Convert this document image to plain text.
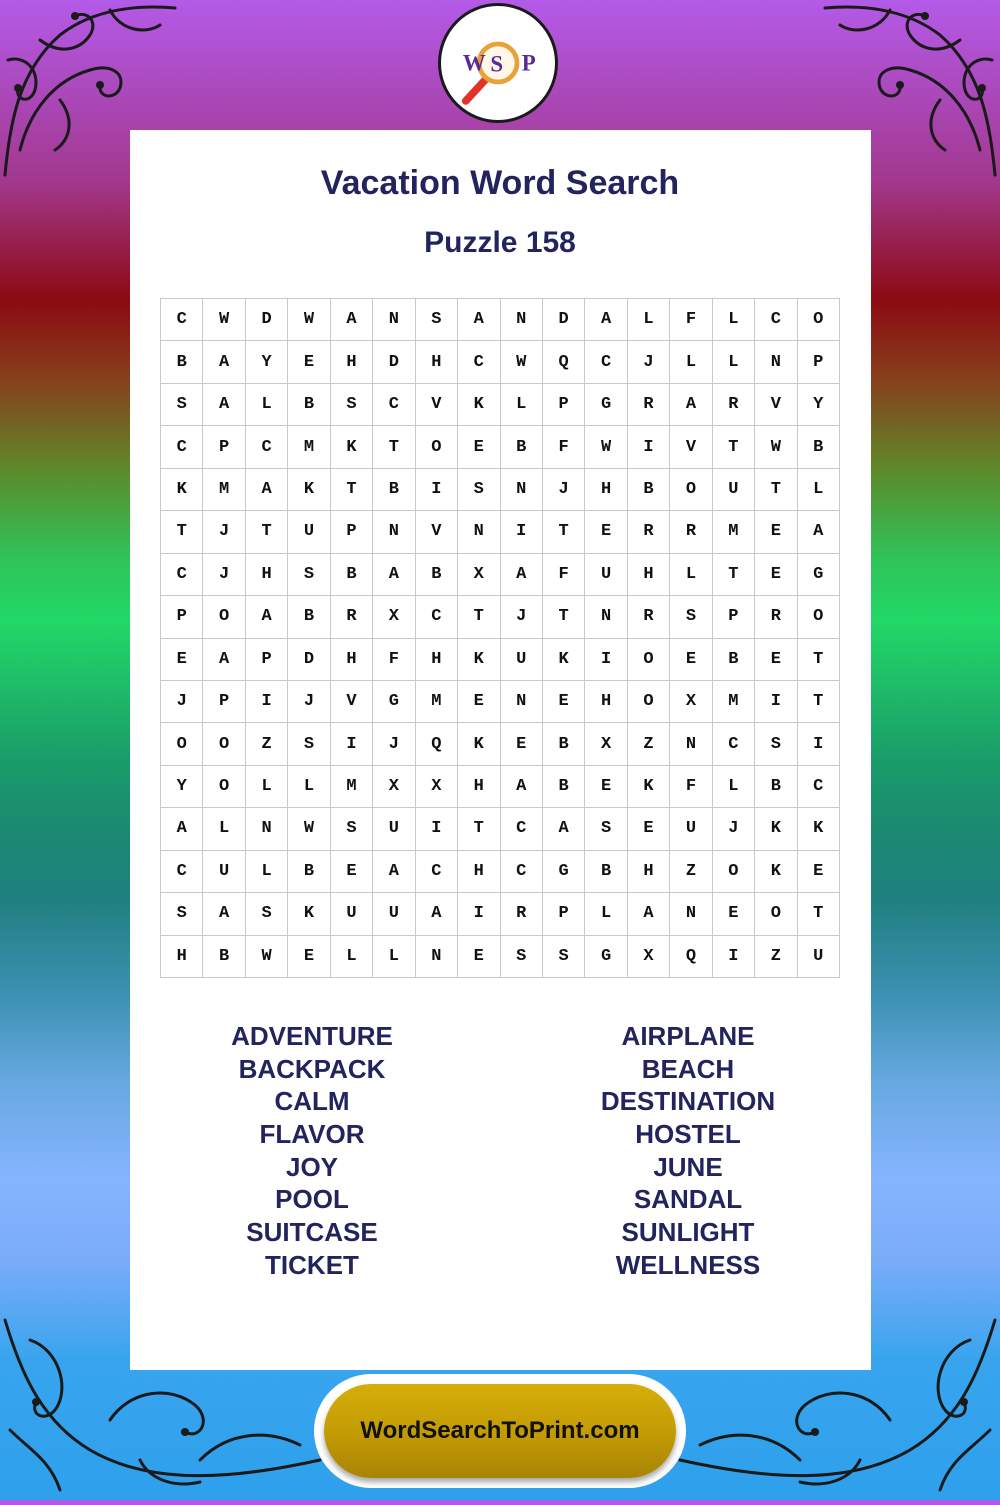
W S P
Vacation Word Search
Puzzle 158
C	W	D	W	A	N	S	A	N	D	A	L	F	L	C	O
B	A	Y	E	H	D	H	C	W	Q	C	J	L	L	N	P
S	A	L	B	S	C	V	K	L	P	G	R	A	R	V	Y
C	P	C	M	K	T	O	E	B	F	W	I	V	T	W	B
K	M	A	K	T	B	I	S	N	J	H	B	O	U	T	L
T	J	T	U	P	N	V	N	I	T	E	R	R	M	E	A
C	J	H	S	B	A	B	X	A	F	U	H	L	T	E	G
P	O	A	B	R	X	C	T	J	T	N	R	S	P	R	O
E	A	P	D	H	F	H	K	U	K	I	O	E	B	E	T
J	P	I	J	V	G	M	E	N	E	H	O	X	M	I	T
O	O	Z	S	I	J	Q	K	E	B	X	Z	N	C	S	I
Y	O	L	L	M	X	X	H	A	B	E	K	F	L	B	C
A	L	N	W	S	U	I	T	C	A	S	E	U	J	K	K
C	U	L	B	E	A	C	H	C	G	B	H	Z	O	K	E
S	A	S	K	U	U	A	I	R	P	L	A	N	E	O	T
H	B	W	E	L	L	N	E	S	S	G	X	Q	I	Z	U
ADVENTURE
BACKPACK
CALM
FLAVOR
JOY
POOL
SUITCASE
TICKET
AIRPLANE
BEACH
DESTINATION
HOSTEL
JUNE
SANDAL
SUNLIGHT
WELLNESS
WordSearchToPrint.com
